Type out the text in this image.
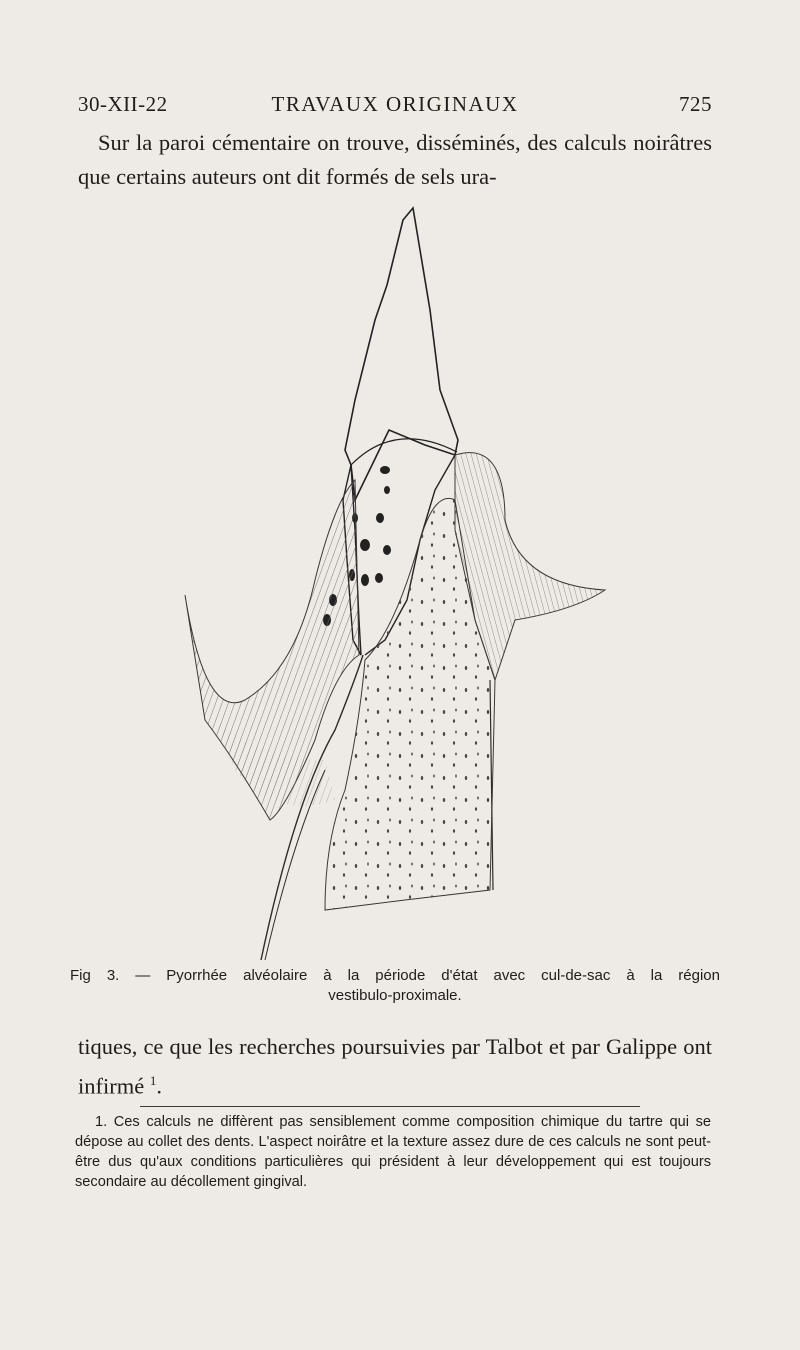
30-XII-22	TRAVAUX ORIGINAUX	725
Sur la paroi cémentaire on trouve, disséminés, des calculs noirâtres que certains auteurs ont dit formés de sels ura-
Fig 3. — Pyorrhée alvéolaire à la période d'état avec cul-de-sac à la région
vestibulo-proximale.
tiques, ce que les recherches poursuivies par Talbot et par Galippe ont infirmé $^1$.
1. Ces calculs ne diffèrent pas sensiblement comme composition chimique du tartre qui se dépose au collet des dents. L'aspect noirâtre et la texture assez dure de ces calculs ne sont peut-être dus qu'aux conditions particulières qui président à leur développement qui est toujours secondaire au décollement gingival.
